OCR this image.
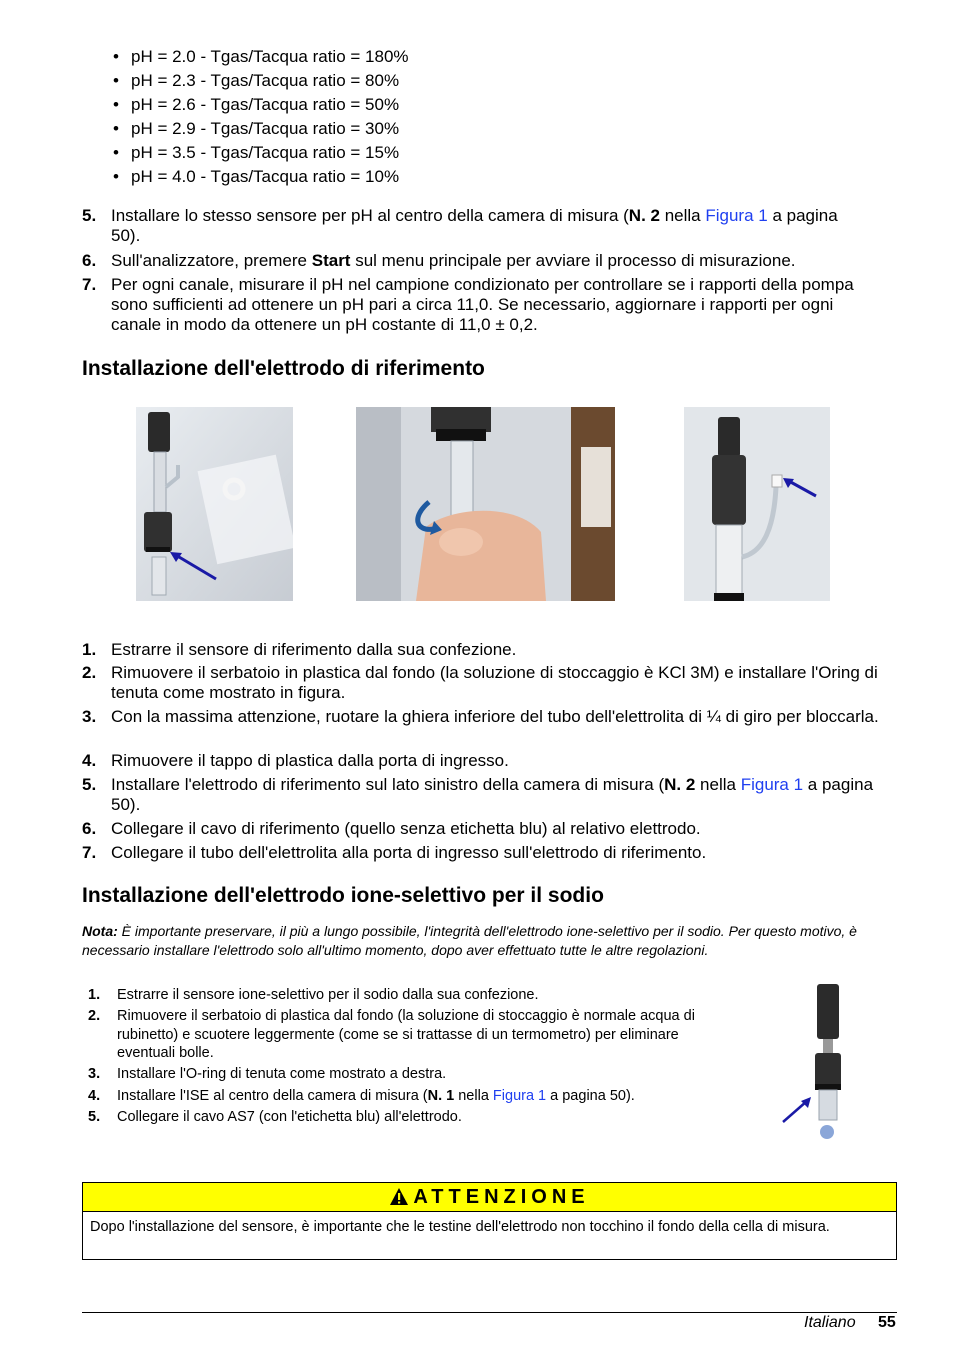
• pH = 2.0 - Tgas/Tacqua ratio = 180%
• pH = 2.3 - Tgas/Tacqua ratio = 80%
• pH = 2.6 - Tgas/Tacqua ratio = 50%
• pH = 2.9 - Tgas/Tacqua ratio = 30%
• pH = 3.5 - Tgas/Tacqua ratio = 15%
• pH = 4.0 - Tgas/Tacqua ratio = 10%
5. Installare lo stesso sensore per pH al centro della camera di misura (N. 2 nella Figura 1 a pagina 50).
6. Sull'analizzatore, premere Start sul menu principale per avviare il processo di misurazione.
7. Per ogni canale, misurare il pH nel campione condizionato per controllare se i rapporti della pompa sono sufficienti ad ottenere un pH pari a circa 11,0. Se necessario, aggiornare i rapporti per ogni canale in modo da ottenere un pH costante di 11,0 ± 0,2.
Installazione dell'elettrodo di riferimento
1. Estrarre il sensore di riferimento dalla sua confezione.
2. Rimuovere il serbatoio in plastica dal fondo (la soluzione di stoccaggio è KCl 3M) e installare l'Oring di tenuta come mostrato in figura.
3. Con la massima attenzione, ruotare la ghiera inferiore del tubo dell'elettrolita di ¼ di giro per bloccarla.
4. Rimuovere il tappo di plastica dalla porta di ingresso.
5. Installare l'elettrodo di riferimento sul lato sinistro della camera di misura (N. 2 nella Figura 1 a pagina 50).
6. Collegare il cavo di riferimento (quello senza etichetta blu) al relativo elettrodo.
7. Collegare il tubo dell'elettrolita alla porta di ingresso sull'elettrodo di riferimento.
Installazione dell'elettrodo ione-selettivo per il sodio
Nota: È importante preservare, il più a lungo possibile, l'integrità dell'elettrodo ione-selettivo per il sodio. Per questo motivo, è necessario installare l'elettrodo solo all'ultimo momento, dopo aver effettuato tutte le altre regolazioni.
1. Estrarre il sensore ione-selettivo per il sodio dalla sua confezione.
2. Rimuovere il serbatoio di plastica dal fondo (la soluzione di stoccaggio è normale acqua di rubinetto) e scuotere leggermente (come se si trattasse di un termometro) per eliminare eventuali bolle.
3. Installare l'O-ring di tenuta come mostrato a destra.
4. Installare l'ISE al centro della camera di misura (N. 1 nella Figura 1 a pagina 50).
5. Collegare il cavo AS7 (con l'etichetta blu) all'elettrodo.
ATTENZIONE
Dopo l'installazione del sensore, è importante che le testine dell'elettrodo non tocchino il fondo della cella di misura.
Italiano 55
